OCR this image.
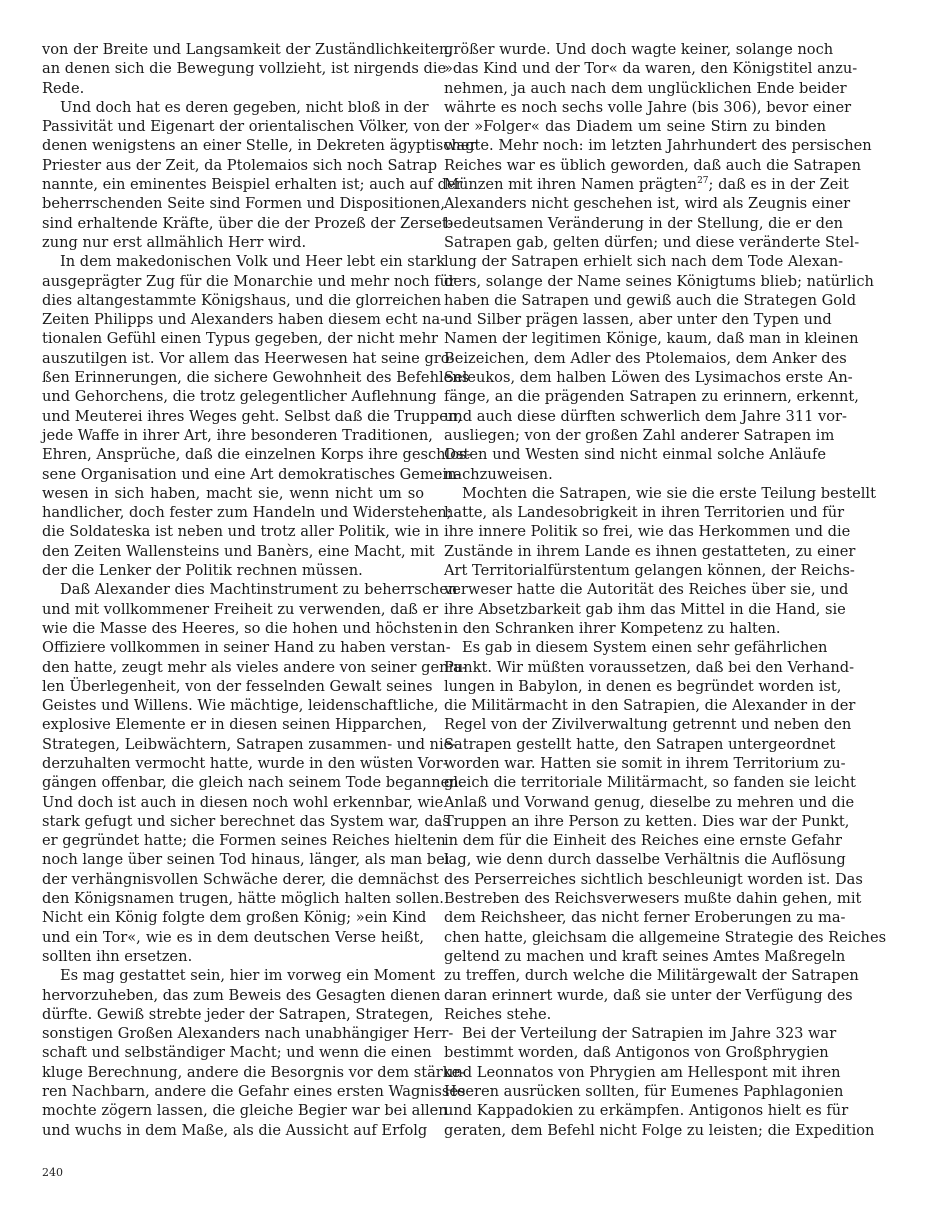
von der Breite und Langsamkeit der Zuständlichkeiten,
an denen sich die Bewegung vollzieht, ist nirgends die
Rede.
Und doch hat es deren gegeben, nicht bloß in der
Passivität und Eigenart der orientalischen Völker, von
denen wenigstens an einer Stelle, in Dekreten ägyptischer
Priester aus der Zeit, da Ptolemaios sich noch Satrap
nannte, ein eminentes Beispiel erhalten ist; auch auf der
beherrschenden Seite sind Formen und Dispositionen,
sind erhaltende Kräfte, über die der Prozeß der Zerset-
zung nur erst allmählich Herr wird.
In dem makedonischen Volk und Heer lebt ein stark
ausgeprägter Zug für die Monarchie und mehr noch für
dies altangestammte Königshaus, und die glorreichen
Zeiten Philipps und Alexanders haben diesem echt na-
tionalen Gefühl einen Typus gegeben, der nicht mehr
auszutilgen ist. Vor allem das Heerwesen hat seine gro-
ßen Erinnerungen, die sichere Gewohnheit des Befehlens
und Gehorchens, die trotz gelegentlicher Auflehnung
und Meuterei ihres Weges geht. Selbst daß die Truppen,
jede Waffe in ihrer Art, ihre besonderen Traditionen,
Ehren, Ansprüche, daß die einzelnen Korps ihre geschlos-
sene Organisation und eine Art demokratisches Gemein-
wesen in sich haben, macht sie, wenn nicht um so
handlicher, doch fester zum Handeln und Widerstehen;
die Soldateska ist neben und trotz aller Politik, wie in
den Zeiten Wallensteins und Banèrs, eine Macht, mit
der die Lenker der Politik rechnen müssen.
Daß Alexander dies Machtinstrument zu beherrschen
und mit vollkommener Freiheit zu verwenden, daß er
wie die Masse des Heeres, so die hohen und höchsten
Offiziere vollkommen in seiner Hand zu haben verstan-
den hatte, zeugt mehr als vieles andere von seiner genia-
len Überlegenheit, von der fesselnden Gewalt seines
Geistes und Willens. Wie mächtige, leidenschaftliche,
explosive Elemente er in diesen seinen Hipparchen,
Strategen, Leibwächtern, Satrapen zusammen- und nie-
derzuhalten vermocht hatte, wurde in den wüsten Vor-
gängen offenbar, die gleich nach seinem Tode begannen.
Und doch ist auch in diesen noch wohl erkennbar, wie
stark gefugt und sicher berechnet das System war, das
er gegründet hatte; die Formen seines Reiches hielten
noch lange über seinen Tod hinaus, länger, als man bei
der verhängnisvollen Schwäche derer, die demnächst
den Königsnamen trugen, hätte möglich halten sollen.
Nicht ein König folgte dem großen König; »ein Kind
und ein Tor«, wie es in dem deutschen Verse heißt,
sollten ihn ersetzen.
Es mag gestattet sein, hier im vorweg ein Moment
hervorzuheben, das zum Beweis des Gesagten dienen
dürfte. Gewiß strebte jeder der Satrapen, Strategen,
sonstigen Großen Alexanders nach unabhängiger Herr-
schaft und selbständiger Macht; und wenn die einen
kluge Berechnung, andere die Besorgnis vor dem stärke-
ren Nachbarn, andere die Gefahr eines ersten Wagnisses
mochte zögern lassen, die gleiche Begier war bei allen
und wuchs in dem Maße, als die Aussicht auf Erfolg
größer wurde. Und doch wagte keiner, solange noch
»das Kind und der Tor« da waren, den Königstitel anzu-
nehmen, ja auch nach dem unglücklichen Ende beider
währte es noch sechs volle Jahre (bis 306), bevor einer
der »Folger« das Diadem um seine Stirn zu binden
wagte. Mehr noch: im letzten Jahrhundert des persischen
Reiches war es üblich geworden, daß auch die Satrapen
Münzen mit ihren Namen prägten$^{27}$; daß es in der Zeit
Alexanders nicht geschehen ist, wird als Zeugnis einer
bedeutsamen Veränderung in der Stellung, die er den
Satrapen gab, gelten dürfen; und diese veränderte Stel-
lung der Satrapen erhielt sich nach dem Tode Alexan-
ders, solange der Name seines Königtums blieb; natürlich
haben die Satrapen und gewiß auch die Strategen Gold
und Silber prägen lassen, aber unter den Typen und
Namen der legitimen Könige, kaum, daß man in kleinen
Beizeichen, dem Adler des Ptolemaios, dem Anker des
Seleukos, dem halben Löwen des Lysimachos erste An-
fänge, an die prägenden Satrapen zu erinnern, erkennt,
und auch diese dürften schwerlich dem Jahre 311 vor-
ausliegen; von der großen Zahl anderer Satrapen im
Osten und Westen sind nicht einmal solche Anläufe
nachzuweisen.
Mochten die Satrapen, wie sie die erste Teilung bestellt
hatte, als Landesobrigkeit in ihren Territorien und für
ihre innere Politik so frei, wie das Herkommen und die
Zustände in ihrem Lande es ihnen gestatteten, zu einer
Art Territorialfürstentum gelangen können, der Reichs-
verweser hatte die Autorität des Reiches über sie, und
ihre Absetzbarkeit gab ihm das Mittel in die Hand, sie
in den Schranken ihrer Kompetenz zu halten.
Es gab in diesem System einen sehr gefährlichen
Punkt. Wir müßten voraussetzen, daß bei den Verhand-
lungen in Babylon, in denen es begründet worden ist,
die Militärmacht in den Satrapien, die Alexander in der
Regel von der Zivilverwaltung getrennt und neben den
Satrapen gestellt hatte, den Satrapen untergeordnet
worden war. Hatten sie somit in ihrem Territorium zu-
gleich die territoriale Militärmacht, so fanden sie leicht
Anlaß und Vorwand genug, dieselbe zu mehren und die
Truppen an ihre Person zu ketten. Dies war der Punkt,
in dem für die Einheit des Reiches eine ernste Gefahr
lag, wie denn durch dasselbe Verhältnis die Auflösung
des Perserreiches sichtlich beschleunigt worden ist. Das
Bestreben des Reichsverwesers mußte dahin gehen, mit
dem Reichsheer, das nicht ferner Eroberungen zu ma-
chen hatte, gleichsam die allgemeine Strategie des Reiches
geltend zu machen und kraft seines Amtes Maßregeln
zu treffen, durch welche die Militärgewalt der Satrapen
daran erinnert wurde, daß sie unter der Verfügung des
Reiches stehe.
Bei der Verteilung der Satrapien im Jahre 323 war
bestimmt worden, daß Antigonos von Großphrygien
und Leonnatos von Phrygien am Hellespont mit ihren
Heeren ausrücken sollten, für Eumenes Paphlagonien
und Kappadokien zu erkämpfen. Antigonos hielt es für
geraten, dem Befehl nicht Folge zu leisten; die Expedition
240
